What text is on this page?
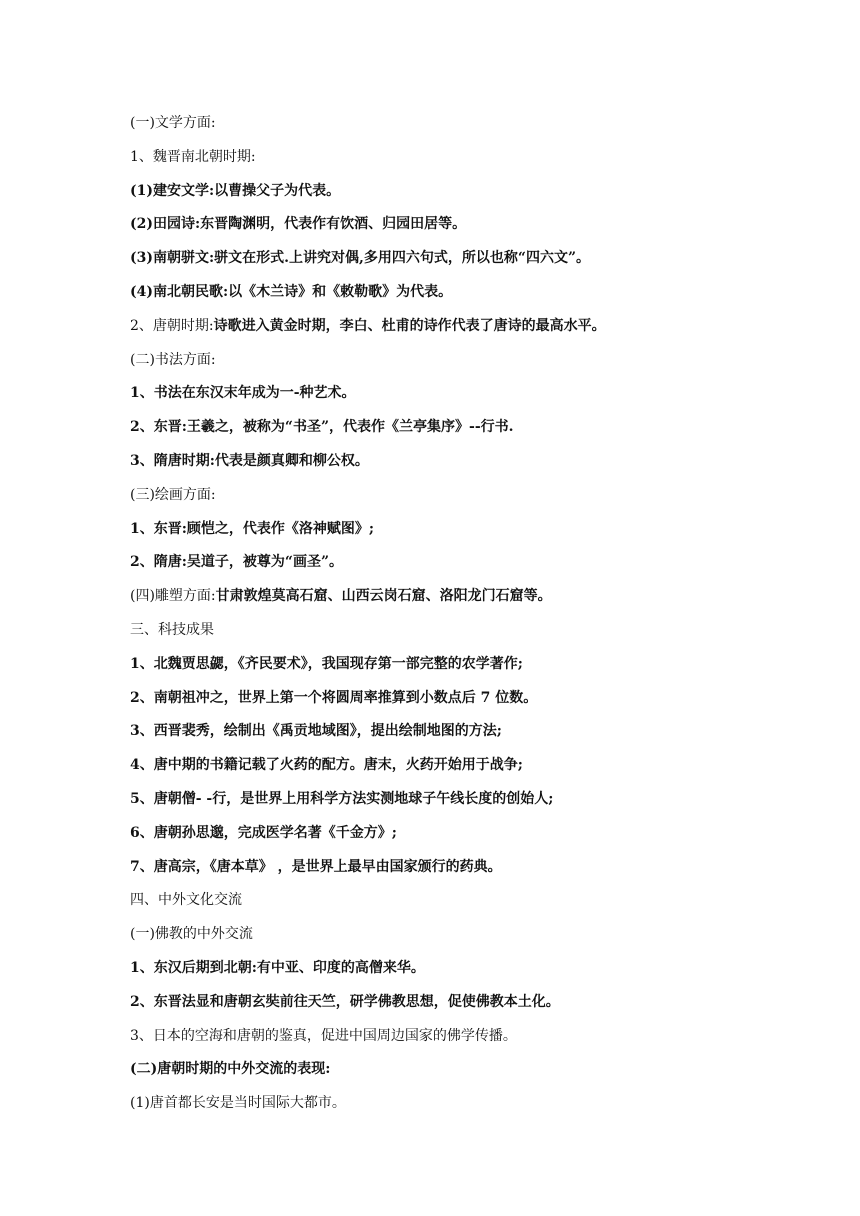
(一)文学方面:
1、魏晋南北朝时期:
(1)建安文学:以曹操父子为代表。
(2)田园诗:东晋陶渊明，代表作有饮酒、归园田居等。
(3)南朝骈文:骈文在形式.上讲究对偶,多用四六句式，所以也称“四六文”。
(4)南北朝民歌:以《木兰诗》和《敕勒歌》为代表。
2、唐朝时期:诗歌进入黄金时期，李白、杜甫的诗作代表了唐诗的最高水平。
(二)书法方面:
1、书法在东汉末年成为一-种艺术。
2、东晋:王羲之，被称为“书圣”，代表作《兰亭集序》--行书.
3、隋唐时期:代表是颜真卿和柳公权。
(三)绘画方面:
1、东晋:顾恺之，代表作《洛神赋图》;
2、隋唐:吴道子，被尊为“画圣”。
(四)雕塑方面:甘肃敦煌莫高石窟、山西云岗石窟、洛阳龙门石窟等。
三、科技成果
1、北魏贾思勰，《齐民要术》，我国现存第一部完整的农学著作;
2、南朝祖冲之，世界上第一个将圆周率推算到小数点后 7 位数。
3、西晋裴秀，绘制出《禹贡地域图》，提出绘制地图的方法;
4、唐中期的书籍记载了火药的配方。唐末，火药开始用于战争;
5、唐朝僧- -行，是世界上用科学方法实测地球子午线长度的创始人;
6、唐朝孙思邈，完成医学名著《千金方》;
7、唐高宗，《唐本草》 ，是世界上最早由国家颁行的药典。
四、中外文化交流
(一)佛教的中外交流
1、东汉后期到北朝:有中亚、印度的高僧来华。
2、东晋法显和唐朝玄奘前往天竺，研学佛教思想，促使佛教本土化。
3、日本的空海和唐朝的鉴真，促进中国周边国家的佛学传播。
(二)唐朝时期的中外交流的表现:
(1)唐首都长安是当时国际大都市。
